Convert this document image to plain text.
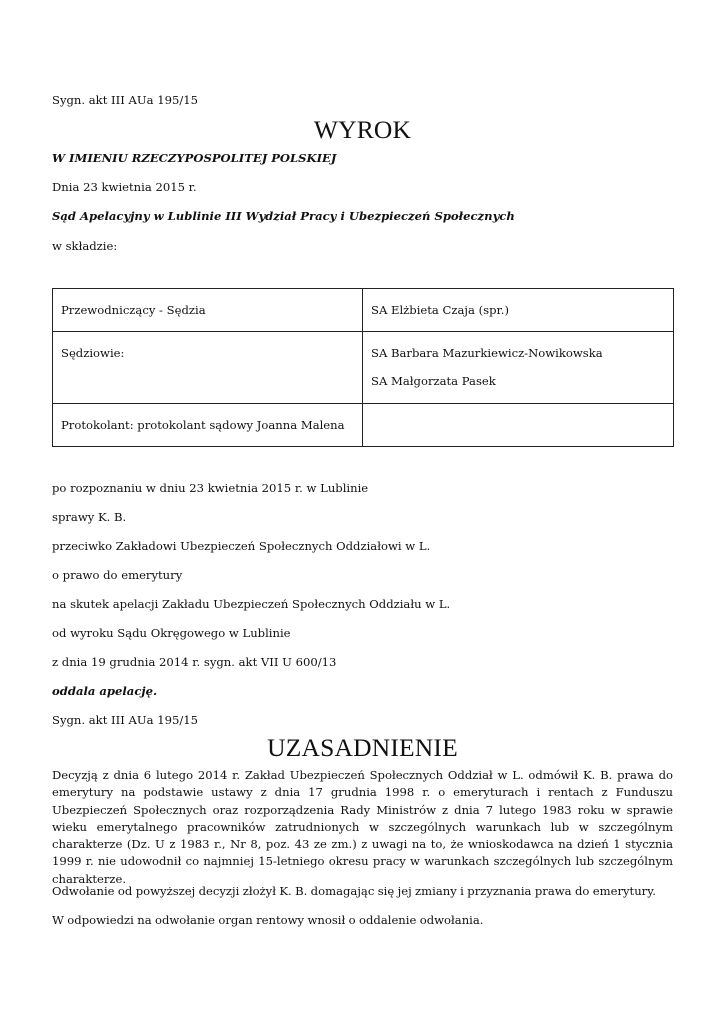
Sygn. akt III AUa 195/15
WYROK
W IMIENIU RZECZYPOSPOLITEJ POLSKIEJ
Dnia 23 kwietnia 2015 r.
Sąd Apelacyjny w Lublinie III Wydział Pracy i Ubezpieczeń Społecznych
w składzie:

Przewodniczący - Sędzia	SA Elżbieta Czaja (spr.)

Sędziowie:	SA Barbara Mazurkiewicz-Nowikowska

SA Małgorzata Pasek

Protokolant: protokolant sądowy Joanna Malena	

po rozpoznaniu w dniu 23 kwietnia 2015 r. w Lublinie
sprawy K. B.
przeciwko Zakładowi Ubezpieczeń Społecznych Oddziałowi w L.
o prawo do emerytury
na skutek apelacji Zakładu Ubezpieczeń Społecznych Oddziału w L.
od wyroku Sądu Okręgowego w Lublinie
z dnia 19 grudnia 2014 r. sygn. akt VII U 600/13
oddala apelację.
Sygn. akt III AUa 195/15
UZASADNIENIE
Decyzją z dnia 6 lutego 2014 r. Zakład Ubezpieczeń Społecznych Oddział w L. odmówił K. B. prawa do emerytury na podstawie ustawy z dnia 17 grudnia 1998 r. o emeryturach i rentach z Funduszu Ubezpieczeń Społecznych oraz rozporządzenia Rady Ministrów z dnia 7 lutego 1983 roku w sprawie wieku emerytalnego pracowników zatrudnionych w szczególnych warunkach lub w szczególnym charakterze (Dz. U z 1983 r., Nr 8, poz. 43 ze zm.) z uwagi na to, że wnioskodawca na dzień 1 stycznia 1999 r. nie udowodnił co najmniej 15-letniego okresu pracy w warunkach szczególnych lub szczególnym charakterze.
Odwołanie od powyższej decyzji złożył K. B. domagając się jej zmiany i przyznania prawa do emerytury.
W odpowiedzi na odwołanie organ rentowy wnosił o oddalenie odwołania.
